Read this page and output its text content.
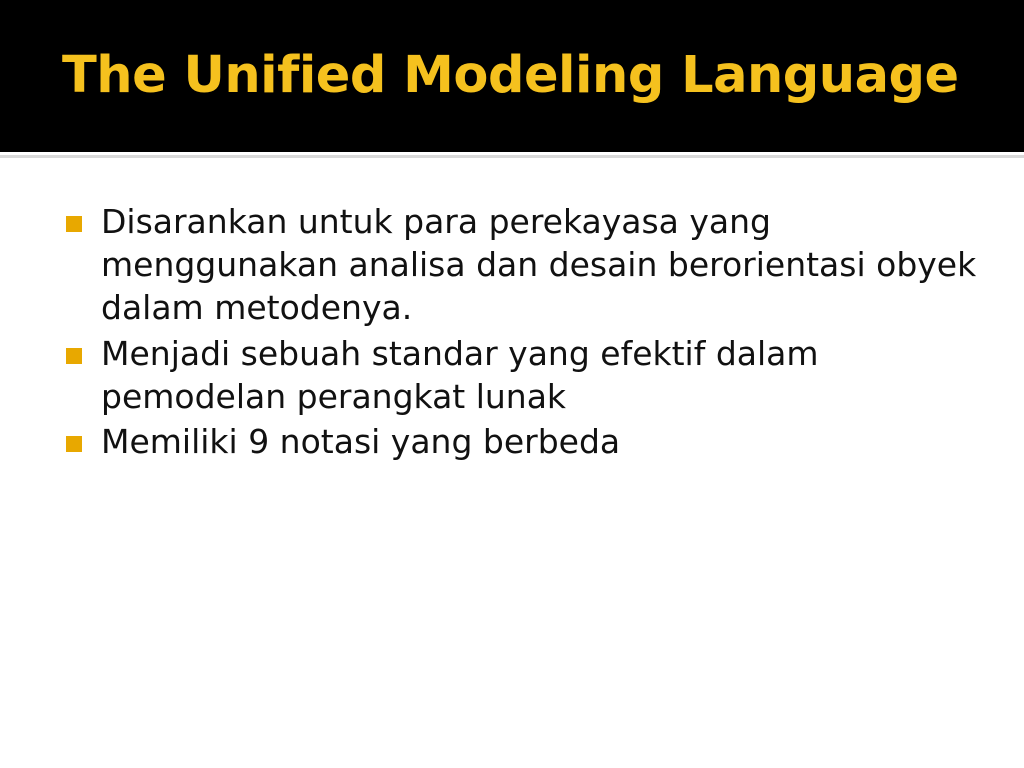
The Unified Modeling Language
Disarankan untuk para perekayasa yang menggunakan analisa dan desain berorientasi obyek dalam metodenya.
Menjadi sebuah standar yang efektif dalam pemodelan perangkat lunak
Memiliki 9 notasi yang berbeda
